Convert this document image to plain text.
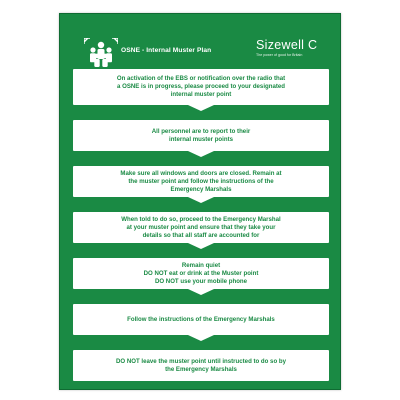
OSNE - Internal Muster Plan	Sizewell C
The power of good for Britain
On activation of the EBS or notification over the radio that
a OSNE is in progress, please proceed to your designated
internal muster point
All personnel are to report to their
internal muster points
Make sure all windows and doors are closed. Remain at
the muster point and follow the instructions of the
Emergency Marshals
When told to do so, proceed to the Emergency Marshal
at your muster point and ensure that they take your
details so that all staff are accounted for
Remain quiet
DO NOT eat or drink at the Muster point
DO NOT use your mobile phone
Follow the instructions of the Emergency Marshals
DO NOT leave the muster point until instructed to do so by
the Emergency Marshals
